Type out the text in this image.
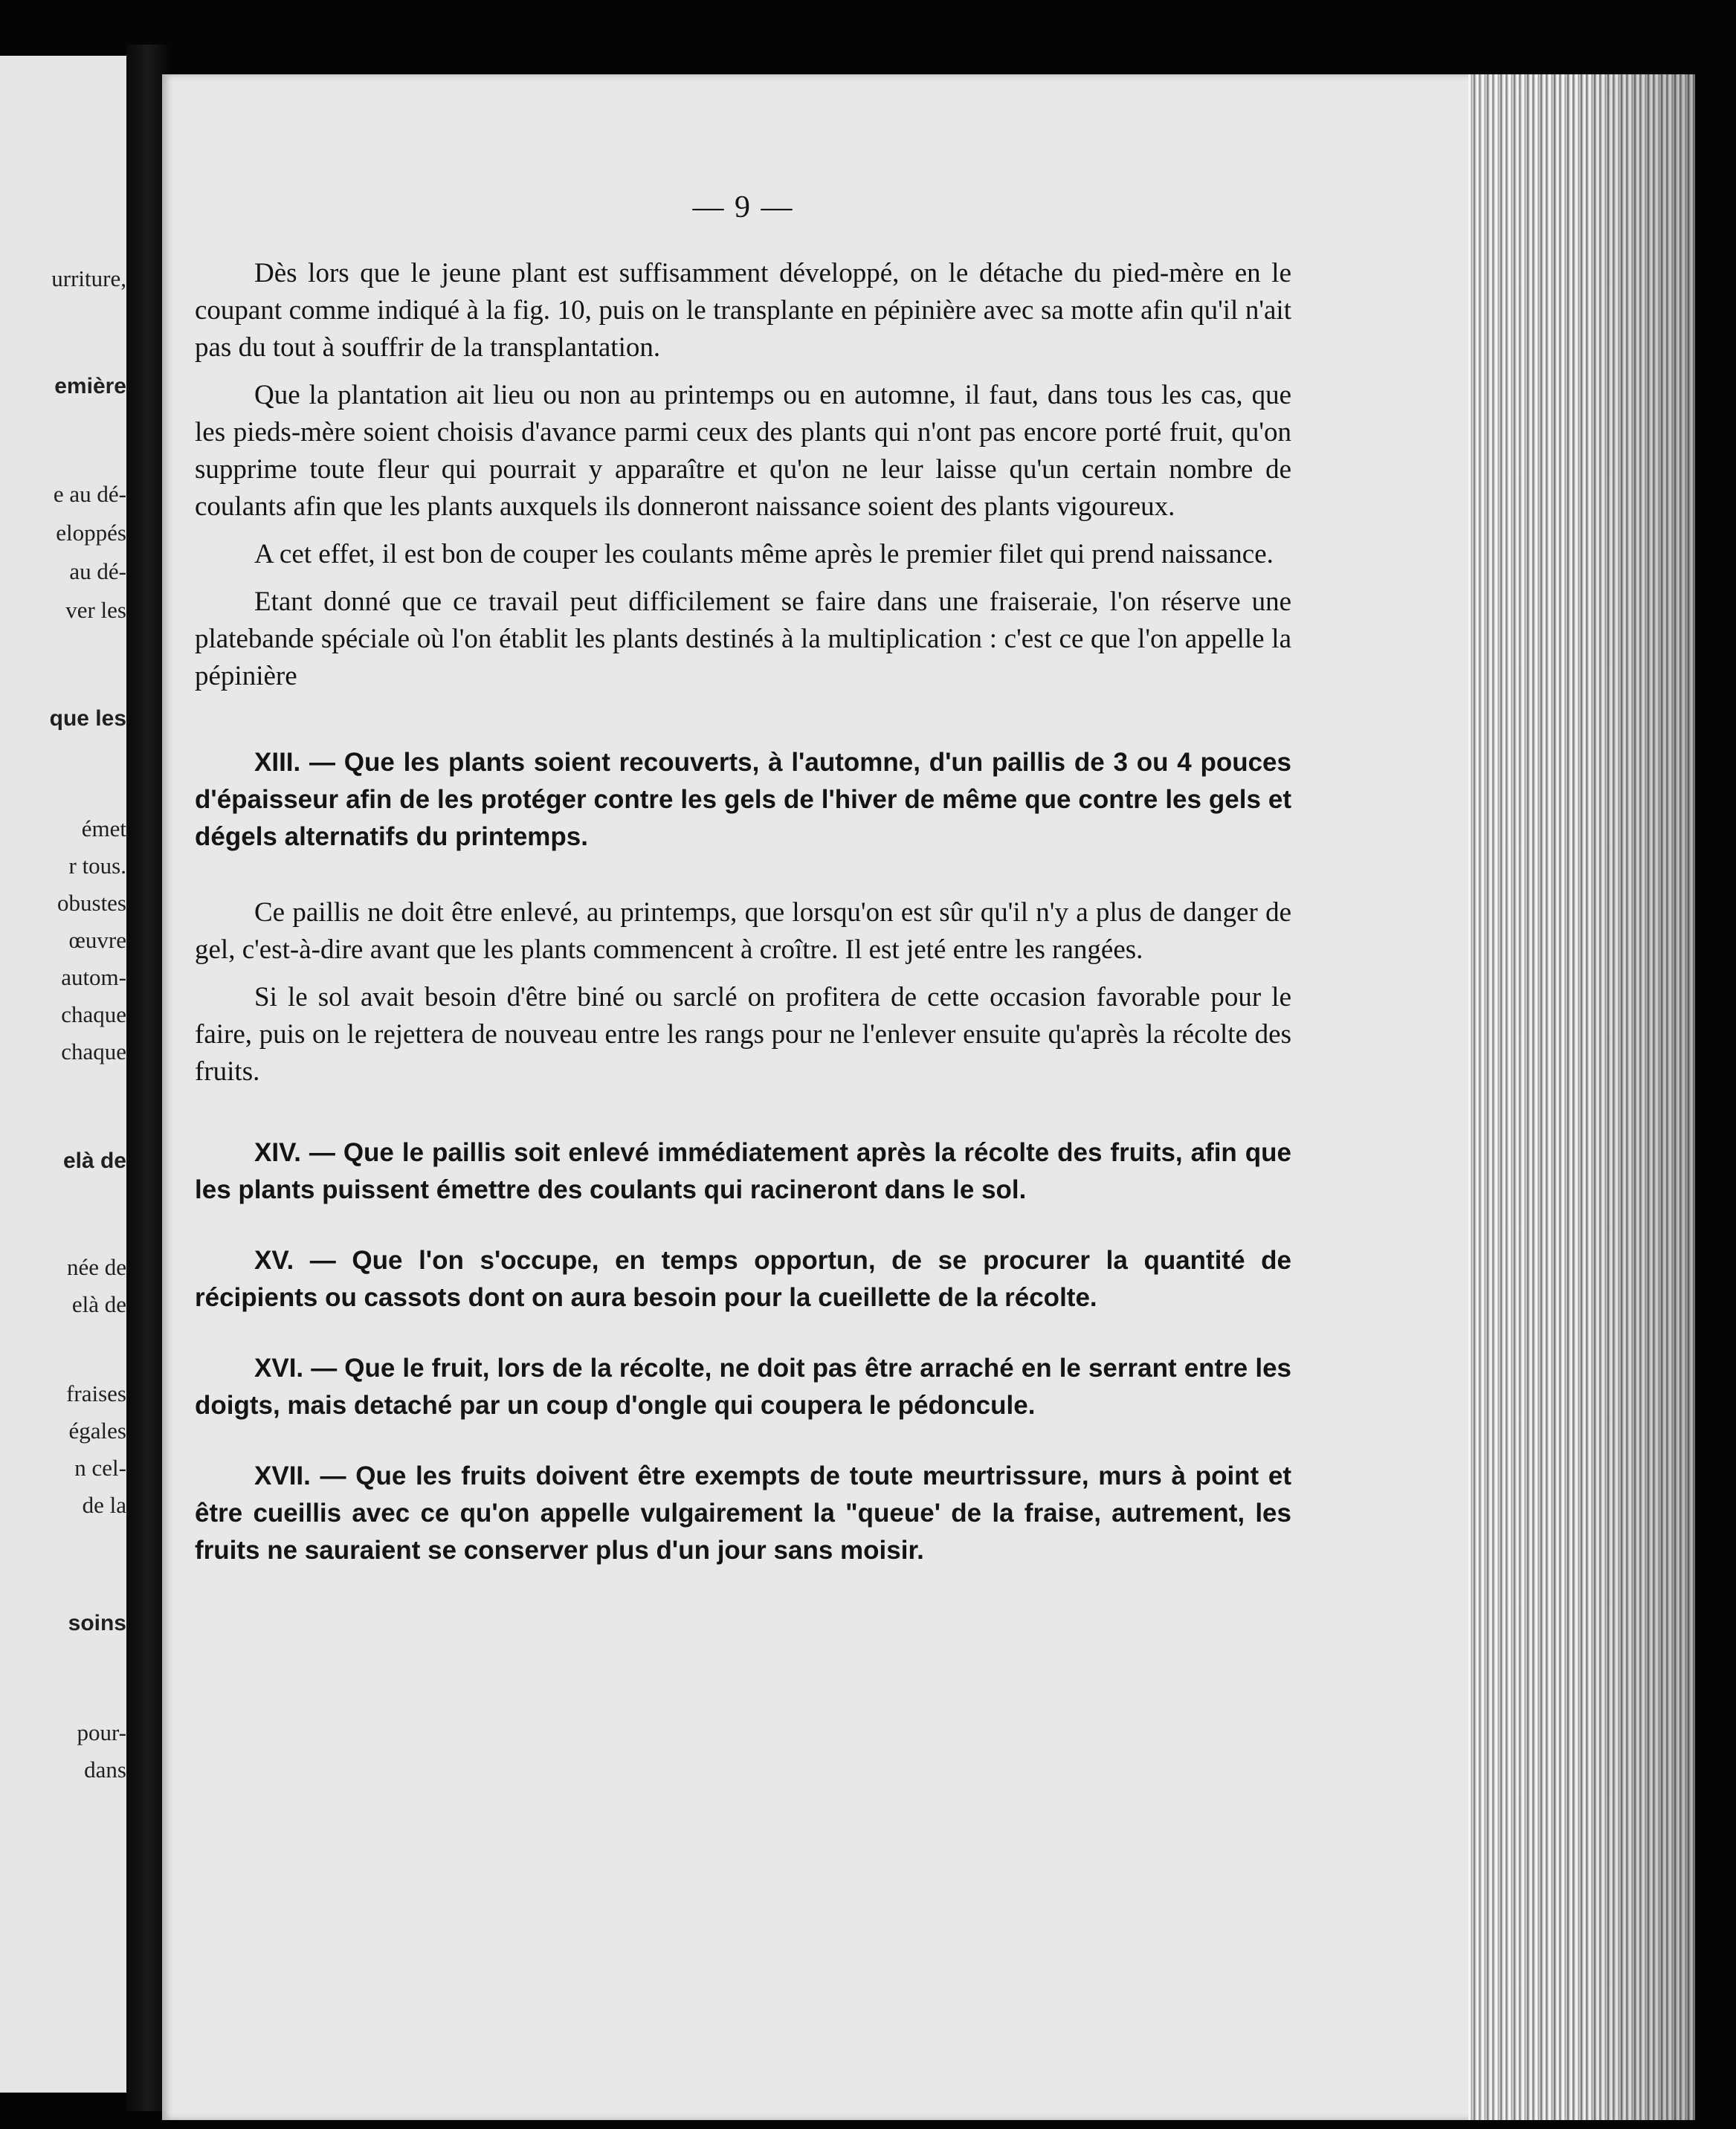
urriture,
emière
e au dé-
eloppés
au dé-
ver les
que les
émet
r tous.
obustes
œuvre
autom-
chaque
chaque
elà de
née de
elà de
fraises
égales
n cel-
de la
soins
pour-
dans
— 9 —

Dès lors que le jeune plant est suffisamment développé, on le détache du pied-mère en le coupant comme indiqué à la fig. 10, puis on le transplante en pépinière avec sa motte afin qu'il n'ait pas du tout à souffrir de la transplantation.

Que la plantation ait lieu ou non au printemps ou en automne, il faut, dans tous les cas, que les pieds-mère soient choisis d'avance parmi ceux des plants qui n'ont pas encore porté fruit, qu'on supprime toute fleur qui pourrait y apparaître et qu'on ne leur laisse qu'un certain nombre de coulants afin que les plants auxquels ils donneront naissance soient des plants vigoureux.

A cet effet, il est bon de couper les coulants même après le premier filet qui prend naissance.

Etant donné que ce travail peut difficilement se faire dans une fraiseraie, l'on réserve une platebande spéciale où l'on établit les plants destinés à la multiplication : c'est ce que l'on appelle la pépinière

XIII. — Que les plants soient recouverts, à l'automne, d'un paillis de 3 ou 4 pouces d'épaisseur afin de les protéger contre les gels de l'hiver de même que contre les gels et dégels alternatifs du printemps.

Ce paillis ne doit être enlevé, au printemps, que lorsqu'on est sûr qu'il n'y a plus de danger de gel, c'est-à-dire avant que les plants commencent à croître. Il est jeté entre les rangées.

Si le sol avait besoin d'être biné ou sarclé on profitera de cette occasion favorable pour le faire, puis on le rejettera de nouveau entre les rangs pour ne l'enlever ensuite qu'après la récolte des fruits.

XIV. — Que le paillis soit enlevé immédiatement après la récolte des fruits, afin que les plants puissent émettre des coulants qui racineront dans le sol.

XV. — Que l'on s'occupe, en temps opportun, de se procurer la quantité de récipients ou cassots dont on aura besoin pour la cueillette de la récolte.

XVI. — Que le fruit, lors de la récolte, ne doit pas être arraché en le serrant entre les doigts, mais detaché par un coup d'ongle qui coupera le pédoncule.

XVII. — Que les fruits doivent être exempts de toute meurtrissure, murs à point et être cueillis avec ce qu'on appelle vulgairement la "queue' de la fraise, autrement, les fruits ne sauraient se conserver plus d'un jour sans moisir.
